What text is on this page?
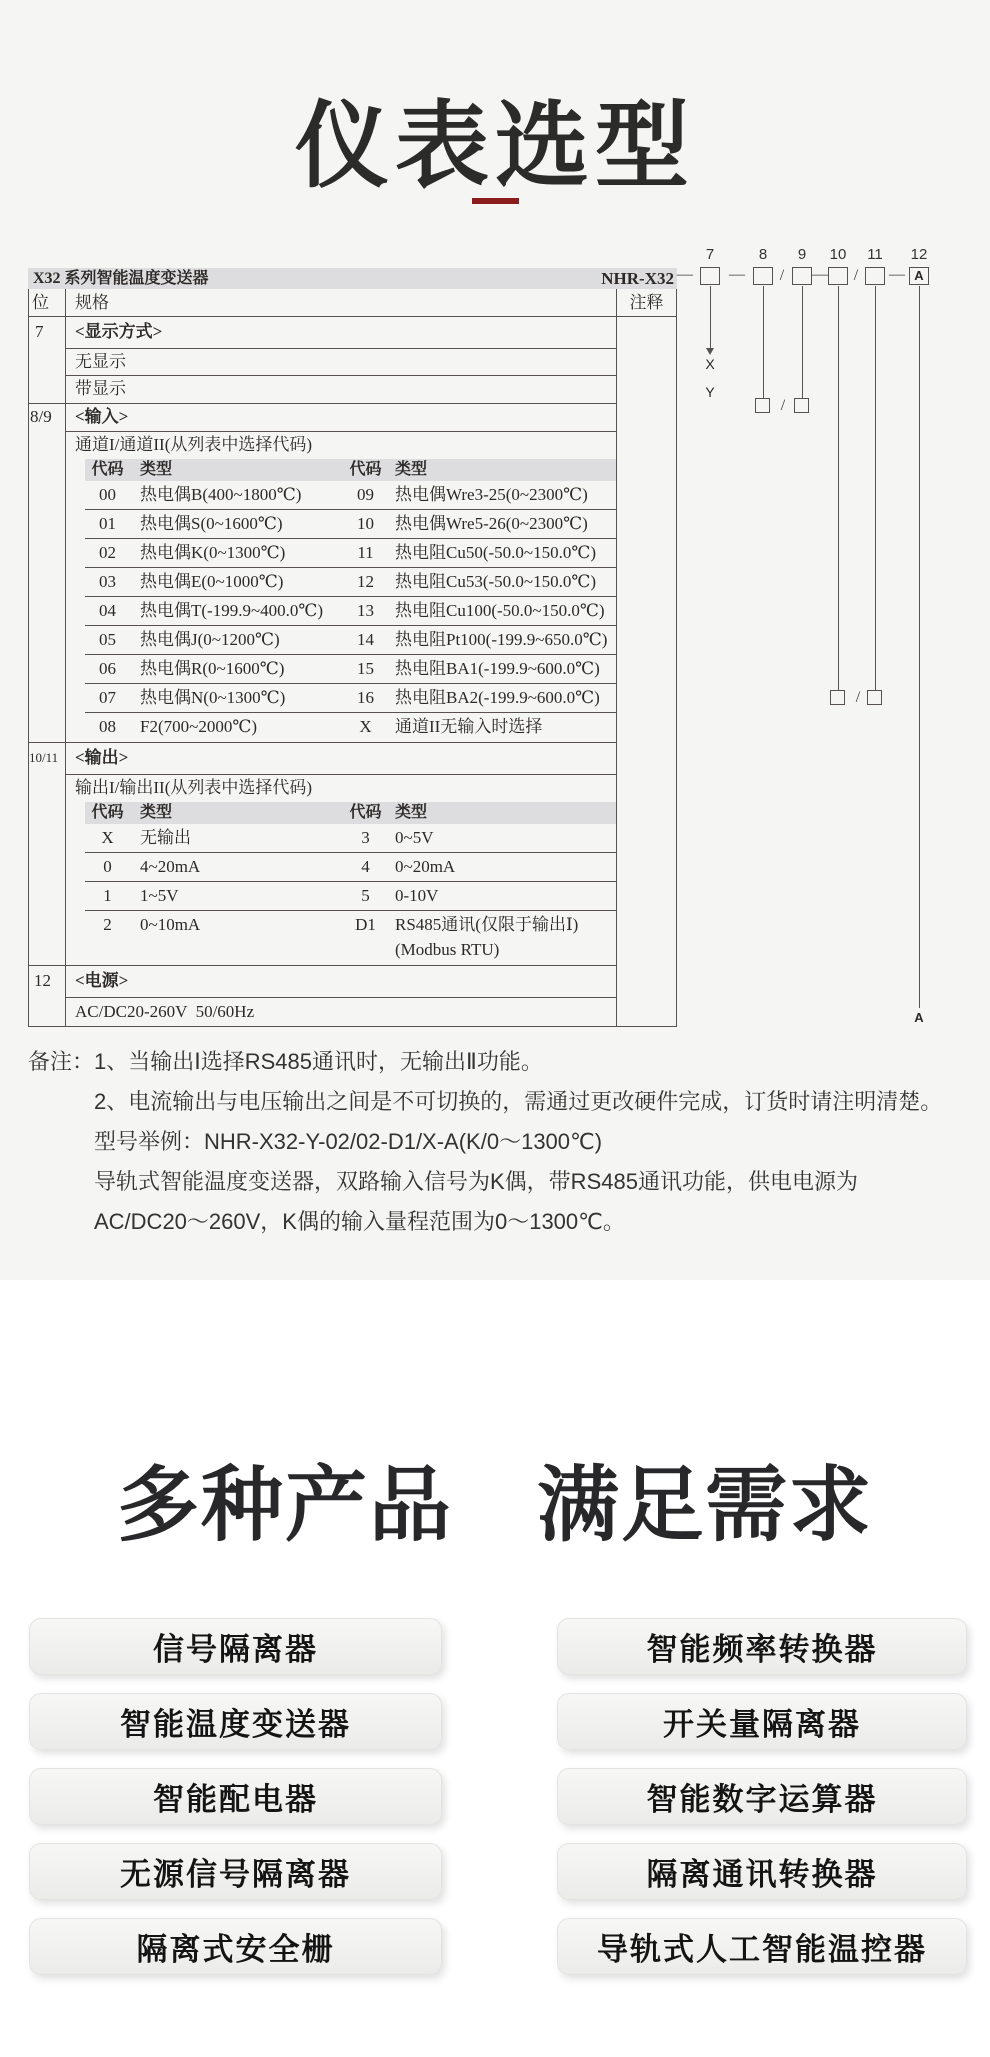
仪表选型
X32 系列智能温度变送器	NHR-X32
位 规格	注释
7 <显示方式>
无显示
带显示
8/9 <输入>
通道I/通道II(从列表中选择代码)
代码	类型	代码 类型
00	热电偶B(400~1800℃)	09	热电偶Wre3-25(0~2300℃)
01	热电偶S(0~1600℃)	10	热电偶Wre5-26(0~2300℃)
02	热电偶K(0~1300℃)	11	热电阻Cu50(-50.0~150.0℃)
03	热电偶E(0~1000℃)	12	热电阻Cu53(-50.0~150.0℃)
04	热电偶T(-199.9~400.0℃)	13	热电阻Cu100(-50.0~150.0℃)
05	热电偶J(0~1200℃)	14	热电阻Pt100(-199.9~650.0℃)
06	热电偶R(0~1600℃)	15	热电阻BA1(-199.9~600.0℃)
07	热电偶N(0~1300℃)	16	热电阻BA2(-199.9~600.0℃)
08	F2(700~2000℃)	X	通道II无输入时选择
10/11 <输出>
输出I/输出II(从列表中选择代码)
代码	类型	代码 类型
X	无输出	3	0~5V
0	4~20mA	4	0~20mA
1	1~5V	5	0-10V
2	0~10mA	D1	RS485通讯(仅限于输出Ⅰ)
(Modbus RTU)
12 <电源>
AC/DC20-260V  50/60Hz
7	8	9	10	11	12
— —	/	—	/	— A
X
Y
/
/
A
备注： 1、当输出Ⅰ选择RS485通讯时，无输出Ⅱ功能。
2、电流输出与电压输出之间是不可切换的，需通过更改硬件完成，订货时请注明清楚。
型号举例：NHR-X32-Y-02/02-D1/X-A(K/0～1300℃)
导轨式智能温度变送器，双路输入信号为K偶，带RS485通讯功能，供电电源为
AC/DC20～260V，K偶的输入量程范围为0～1300℃。
多种产品　满足需求
信号隔离器
智能温度变送器
智能配电器
无源信号隔离器
隔离式安全栅
智能频率转换器
开关量隔离器
智能数字运算器
隔离通讯转换器
导轨式人工智能温控器
